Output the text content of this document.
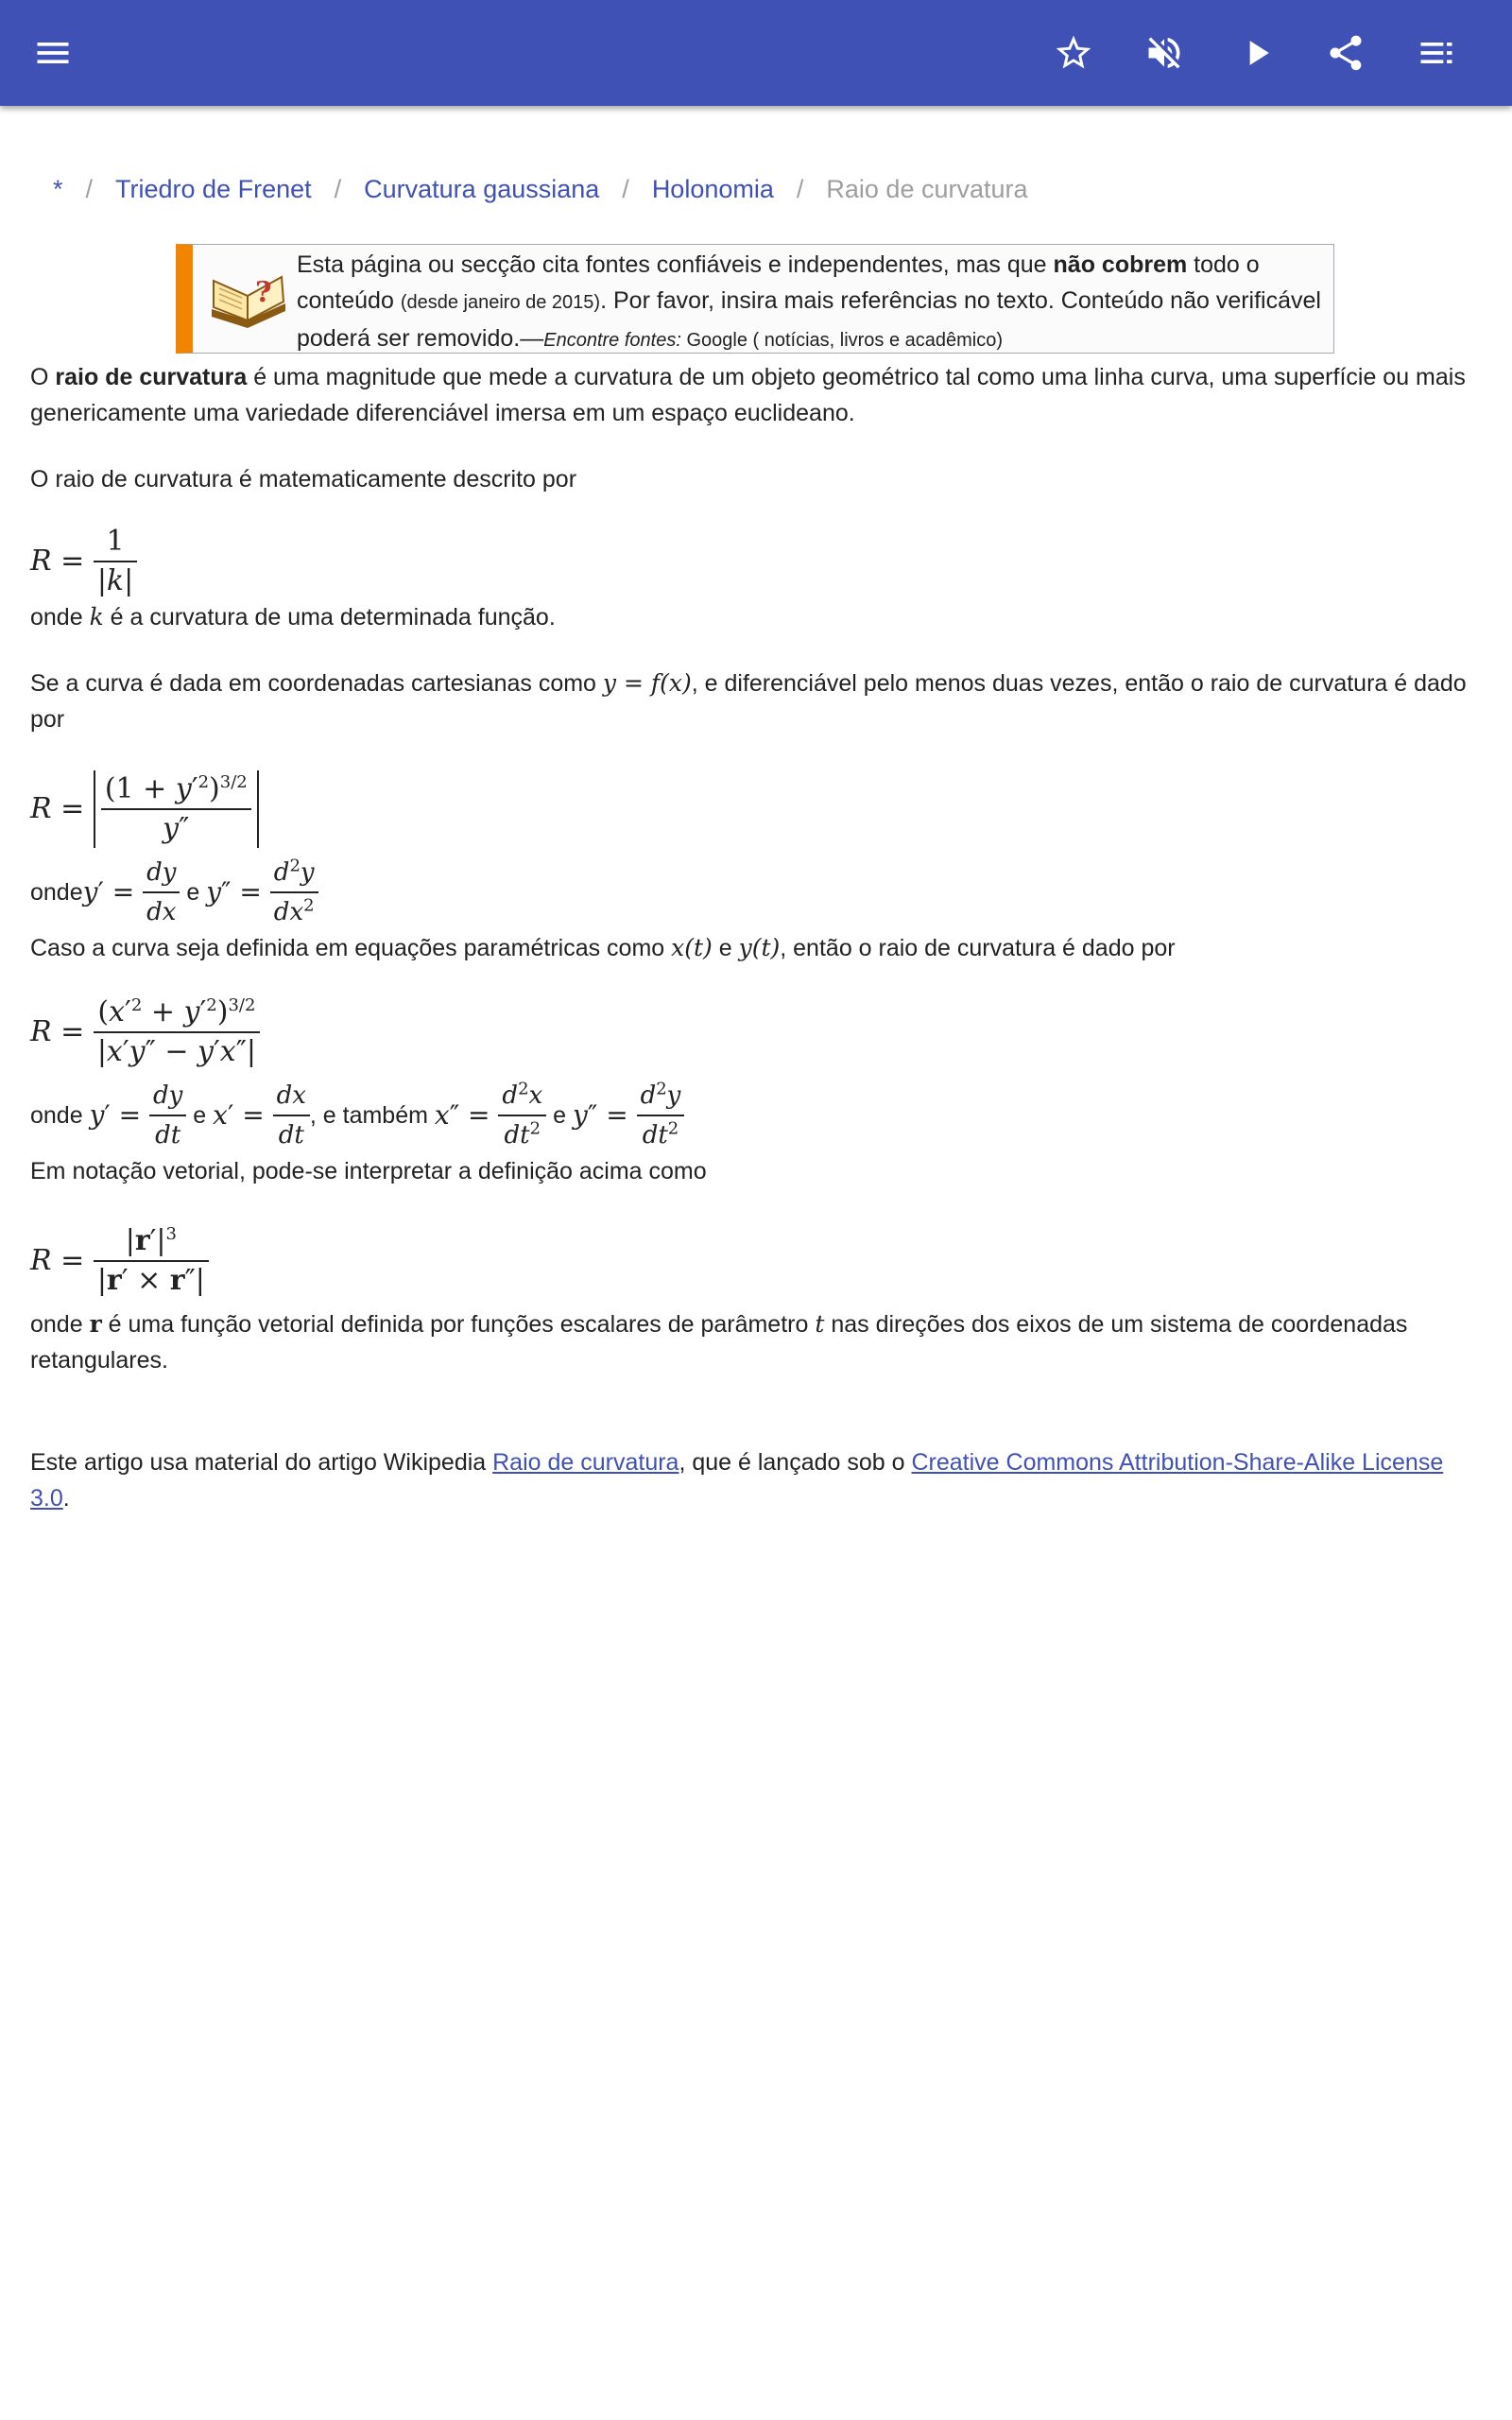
* / Triedro de Frenet / Curvatura gaussiana / Holonomia / Raio de curvatura
?
Esta página ou secção cita fontes confiáveis e independentes, mas que não cobrem todo o conteúdo (desde janeiro de 2015). Por favor, insira mais referências no texto. Conteúdo não verificável poderá ser removido.—Encontre fontes: Google ( notícias, livros e acadêmico)

O raio de curvatura é uma magnitude que mede a curvatura de um objeto geométrico tal como uma linha curva, uma superfície ou mais genericamente uma variedade diferenciável imersa em um espaço euclideano.

O raio de curvatura é matematicamente descrito por

$R = \frac{1}{|k|}$

onde k é a curvatura de uma determinada função.

Se a curva é dada em coordenadas cartesianas como y = f(x), e diferenciável pelo menos duas vezes, então o raio de curvatura é dado por

$R = \frac{(1 + y'^2)^{3/2}}{y''}$
onde $y' = \frac{dy}{dx}$ e $y'' = \frac{d^2y}{dx^2}$

Caso a curva seja definida em equações paramétricas como x(t) e y(t), então o raio de curvatura é dado por

$R = \frac{(x'^2 + y'^2)^{3/2}}{|x'y'' - y'x''|}$
onde $y' = \frac{dy}{dt}$ e $x' = \frac{dx}{dt}$ , e também $x'' = \frac{d^2x}{dt^2}$ e $y'' = \frac{d^2y}{dt^2}$

Em notação vetorial, pode-se interpretar a definição acima como

$R = \frac{|r'|^3}{|r' \times r''|}$

onde r é uma função vetorial definida por funções escalares de parâmetro t nas direções dos eixos de um sistema de coordenadas retangulares.

Este artigo usa material do artigo Wikipedia Raio de curvatura, que é lançado sob o Creative Commons Attribution-Share-Alike License 3.0.
